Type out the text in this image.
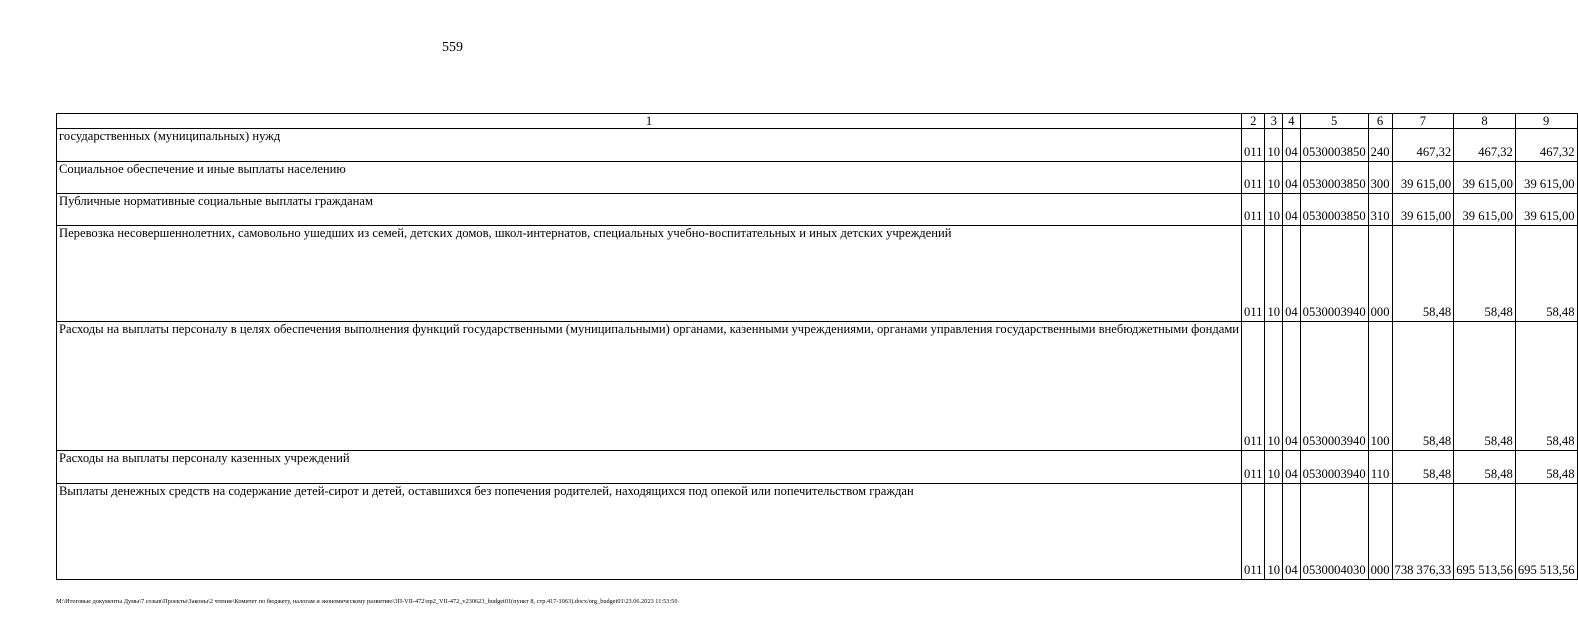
559
1	2	3	4	5	6	7	8	9
государственных (муниципальных) нужд	011	10	04	0530003850	240	467,32	467,32	467,32
Социальное обеспечение и иные выплаты населению	011	10	04	0530003850	300	39 615,00	39 615,00	39 615,00
Публичные нормативные социальные выплаты гражданам	011	10	04	0530003850	310	39 615,00	39 615,00	39 615,00
Перевозка несовершеннолетних, самовольно ушедших из семей, детских домов, школ-интернатов, специальных учебно-воспитательных и иных детских учреждений	011	10	04	0530003940	000	58,48	58,48	58,48
Расходы на выплаты персоналу в целях обеспечения выполнения функций государственными (муниципальными) органами, казенными учреждениями, органами управления государственными внебюджетными фондами	011	10	04	0530003940	100	58,48	58,48	58,48
Расходы на выплаты персоналу казенных учреждений	011	10	04	0530003940	110	58,48	58,48	58,48
Выплаты денежных средств на содержание детей-сирот и детей, оставшихся без попечения родителей, находящихся под опекой или попечительством граждан	011	10	04	0530004030	000	738 376,33	695 513,56	695 513,56
M:\Итоговые документы Думы\7 созыв\Проекты\Законы\2 чтение\Комитет по бюджету, налогам и экономическому развитию\3П-VII-472\пр2_VII-472_v230623_budget01(пункт 8, стр.417-1063).docx/org_budget01\23.06.2023 11:53:50
